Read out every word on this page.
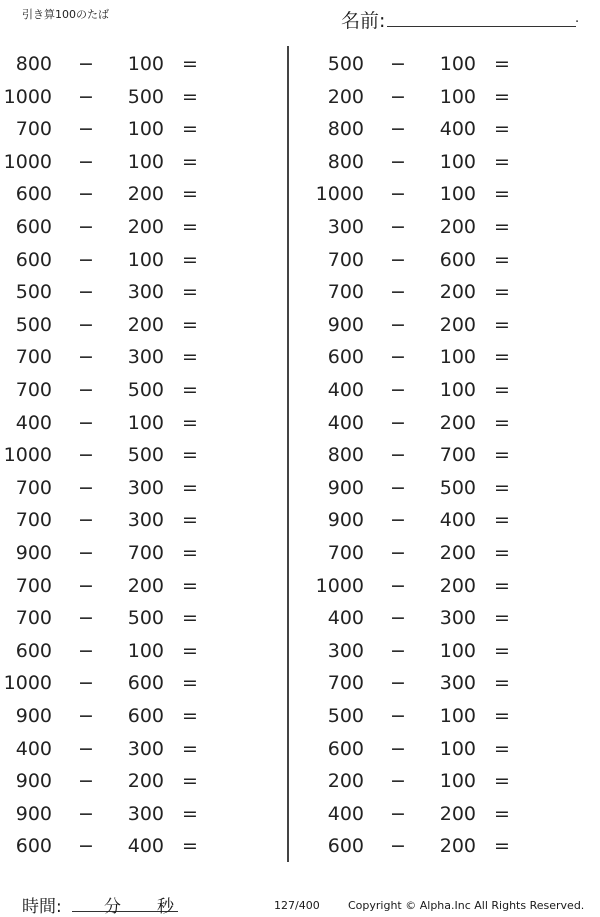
引き算100のたば	名前:	.
800 −	100 =
1000 −	500 =
700 −	100 =
1000 −	100 =
600 −	200 =
600 −	200 =
600 −	100 =
500 −	300 =
500 −	200 =
700 −	300 =
700 −	500 =
400 −	100 =
1000 −	500 =
700 −	300 =
700 −	300 =
900 −	700 =
700 −	200 =
700 −	500 =
600 −	100 =
1000 −	600 =
900 −	600 =
400 −	300 =
900 −	200 =
900 −	300 =
600 −	400 =
500 −	100 =
200 −	100 =
800 −	400 =
800 −	100 =
1000 −	100 =
300 −	200 =
700 −	600 =
700 −	200 =
900 −	200 =
600 −	100 =
400 −	100 =
400 −	200 =
800 −	700 =
900 −	500 =
900 −	400 =
700 −	200 =
1000 −	200 =
400 −	300 =
300 −	100 =
700 −	300 =
500 −	100 =
600 −	100 =
200 −	100 =
400 −	200 =
600 −	200 =
時間: 分 秒	127/400	Copyright © Alpha.Inc All Rights Reserved.
